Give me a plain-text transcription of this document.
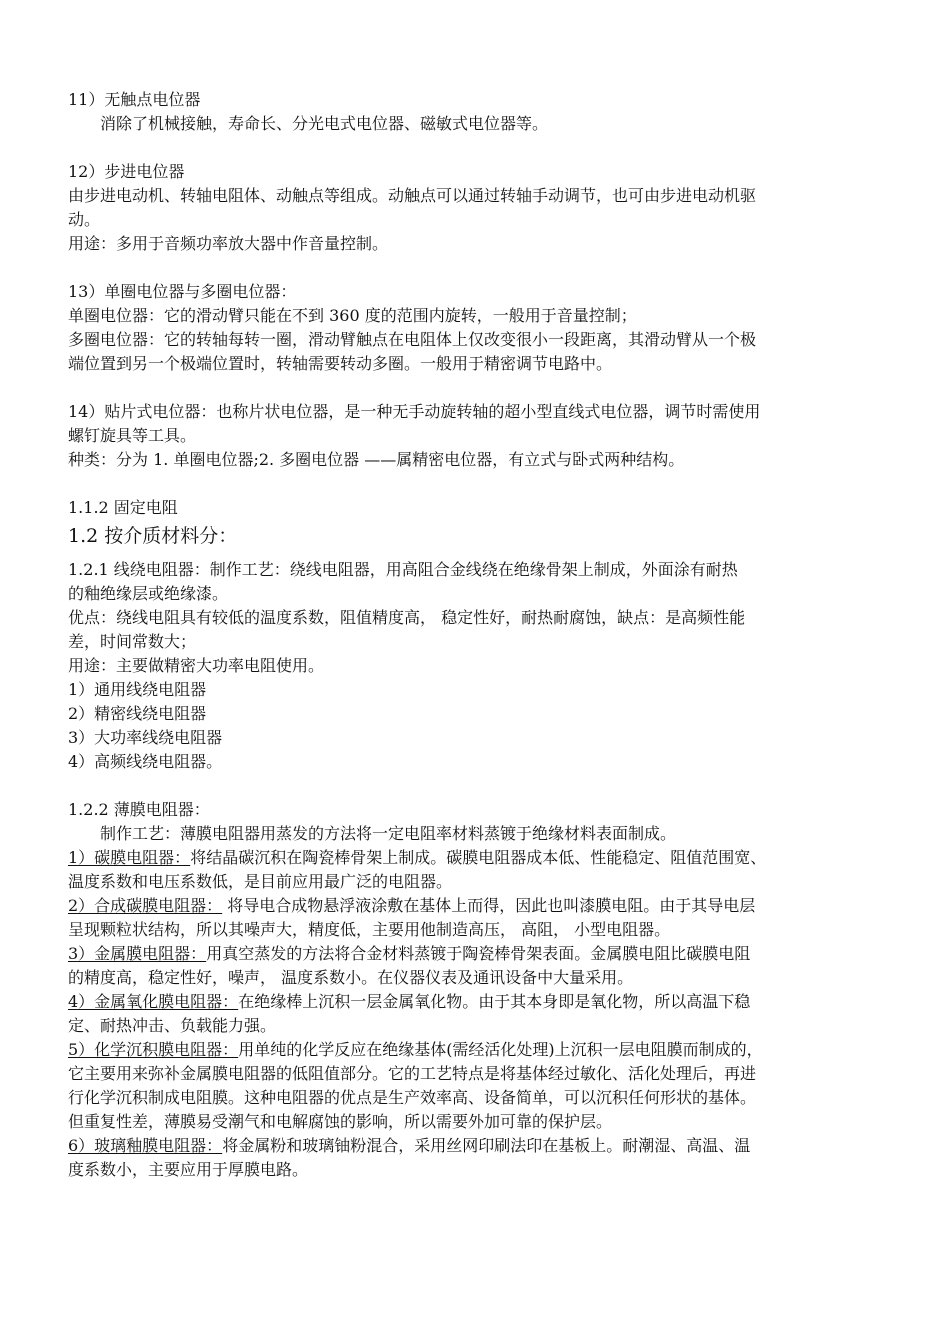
11）无触点电位器
消除了机械接触，寿命长、分光电式电位器、磁敏式电位器等。
12）步进电位器
由步进电动机、转轴电阻体、动触点等组成。动触点可以通过转轴手动调节，也可由步进电动机驱
动。
用途：多用于音频功率放大器中作音量控制。
13）单圈电位器与多圈电位器：
单圈电位器：它的滑动臂只能在不到 360 度的范围内旋转，一般用于音量控制；
多圈电位器：它的转轴每转一圈，滑动臂触点在电阻体上仅改变很小一段距离，其滑动臂从一个极
端位置到另一个极端位置时，转轴需要转动多圈。一般用于精密调节电路中。
14）贴片式电位器：也称片状电位器，是一种无手动旋转轴的超小型直线式电位器，调节时需使用
螺钉旋具等工具。
种类：分为 1. 单圈电位器;2. 多圈电位器 ——属精密电位器，有立式与卧式两种结构。
1.1.2 固定电阻
1.2 按介质材料分：
1.2.1 线绕电阻器：制作工艺：绕线电阻器，用高阻合金线绕在绝缘骨架上制成，外面涂有耐热
的釉绝缘层或绝缘漆。
优点：绕线电阻具有较低的温度系数，阻值精度高， 稳定性好，耐热耐腐蚀，缺点：是高频性能
差，时间常数大；
用途：主要做精密大功率电阻使用。
1）通用线绕电阻器
2）精密线绕电阻器
3）大功率线绕电阻器
4）高频线绕电阻器。
1.2.2 薄膜电阻器：
制作工艺：薄膜电阻器用蒸发的方法将一定电阻率材料蒸镀于绝缘材料表面制成。
1）碳膜电阻器：将结晶碳沉积在陶瓷棒骨架上制成。碳膜电阻器成本低、性能稳定、阻值范围宽、
温度系数和电压系数低，是目前应用最广泛的电阻器。
2）合成碳膜电阻器： 将导电合成物悬浮液涂敷在基体上而得，因此也叫漆膜电阻。由于其导电层
呈现颗粒状结构，所以其噪声大，精度低，主要用他制造高压， 高阻， 小型电阻器。
3）金属膜电阻器：用真空蒸发的方法将合金材料蒸镀于陶瓷棒骨架表面。金属膜电阻比碳膜电阻
的精度高，稳定性好，噪声， 温度系数小。在仪器仪表及通讯设备中大量采用。
4）金属氧化膜电阻器：在绝缘棒上沉积一层金属氧化物。由于其本身即是氧化物，所以高温下稳
定、耐热冲击、负载能力强。
5）化学沉积膜电阻器：用单纯的化学反应在绝缘基体(需经活化处理)上沉积一层电阻膜而制成的，
它主要用来弥补金属膜电阻器的低阻值部分。它的工艺特点是将基体经过敏化、活化处理后，再进
行化学沉积制成电阻膜。这种电阻器的优点是生产效率高、设备简单，可以沉积任何形状的基体。
但重复性差，薄膜易受潮气和电解腐蚀的影响，所以需要外加可靠的保护层。
6）玻璃釉膜电阻器：将金属粉和玻璃铀粉混合，采用丝网印刷法印在基板上。耐潮湿、高温、温
度系数小，主要应用于厚膜电路。
